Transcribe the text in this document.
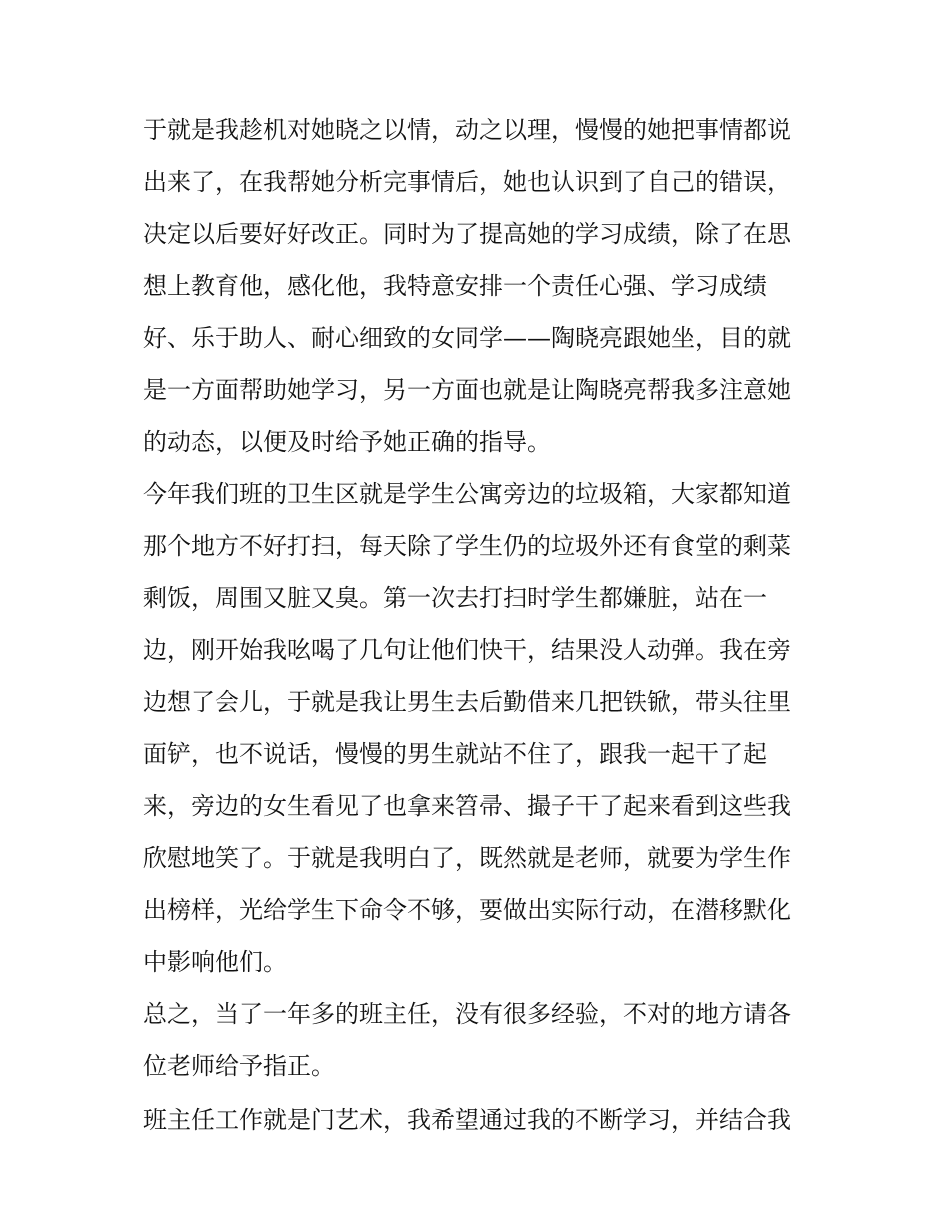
于就是我趁机对她晓之以情，动之以理，慢慢的她把事情都说
出来了，在我帮她分析完事情后，她也认识到了自己的错误，
决定以后要好好改正。同时为了提高她的学习成绩，除了在思
想上教育他，感化他，我特意安排一个责任心强、学习成绩
好、乐于助人、耐心细致的女同学——陶晓亮跟她坐，目的就
是一方面帮助她学习，另一方面也就是让陶晓亮帮我多注意她
的动态，以便及时给予她正确的指导。
今年我们班的卫生区就是学生公寓旁边的垃圾箱，大家都知道
那个地方不好打扫，每天除了学生仍的垃圾外还有食堂的剩菜
剩饭，周围又脏又臭。第一次去打扫时学生都嫌脏，站在一
边，刚开始我吆喝了几句让他们快干，结果没人动弹。我在旁
边想了会儿，于就是我让男生去后勤借来几把铁锨，带头往里
面铲，也不说话，慢慢的男生就站不住了，跟我一起干了起
来，旁边的女生看见了也拿来笤帚、撮子干了起来看到这些我
欣慰地笑了。于就是我明白了，既然就是老师，就要为学生作
出榜样，光给学生下命令不够，要做出实际行动，在潜移默化
中影响他们。
总之，当了一年多的班主任，没有很多经验，不对的地方请各
位老师给予指正。
班主任工作就是门艺术，我希望通过我的不断学习，并结合我
